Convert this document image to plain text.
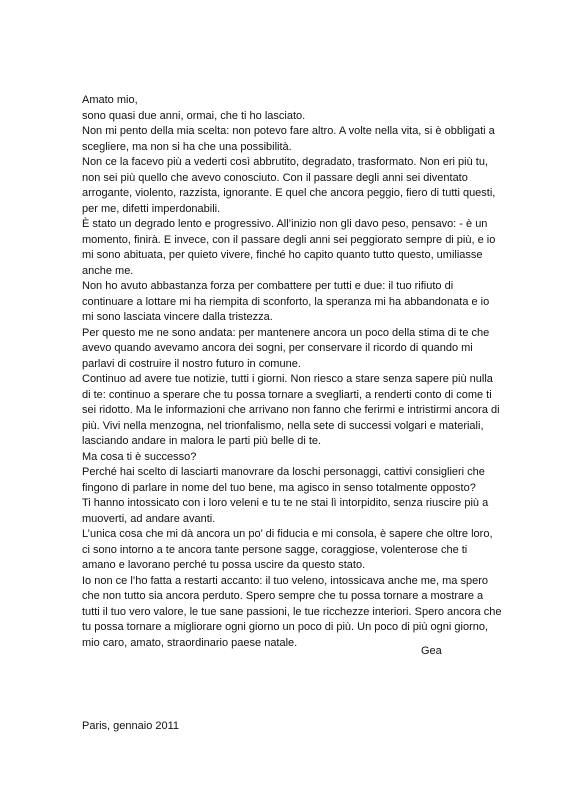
Amato mio,

sono quasi due anni, ormai, che ti ho lasciato.

Non mi pento della mia scelta: non potevo fare altro. A volte nella vita, si è obbligati a scegliere, ma non si ha che una possibilità.

Non ce la facevo più a vederti così abbrutito, degradato, trasformato. Non eri più tu, non sei più quello che avevo conosciuto. Con il passare degli anni sei diventato arrogante, violento, razzista, ignorante. E quel che ancora peggio, fiero di tutti questi, per me, difetti imperdonabili.

È stato un degrado lento e progressivo. All’inizio non gli davo peso, pensavo: - è un momento, finirà. E invece, con il passare degli anni sei peggiorato sempre di più, e io mi sono abituata, per quieto vivere, finché ho capito quanto tutto questo, umiliasse anche me.

Non ho avuto abbastanza forza per combattere per tutti e due: il tuo rifiuto di continuare a lottare mi ha riempita di sconforto, la speranza mi ha abbandonata e io mi sono lasciata vincere dalla tristezza.

Per questo me ne sono andata: per mantenere ancora un poco della stima di te che avevo quando avevamo ancora dei sogni, per conservare il ricordo di quando mi parlavi di costruire il nostro futuro in comune.

Continuo ad avere tue notizie, tutti i giorni. Non riesco a stare senza sapere più nulla di te: continuo a sperare che tu possa tornare a svegliarti, a renderti conto di come ti sei ridotto. Ma le informazioni che arrivano non fanno che ferirmi e intristirmi ancora di più. Vivi nella menzogna, nel trionfalismo, nella sete di successi volgari e materiali, lasciando andare in malora le parti più belle di te.

Ma cosa ti è successo?

Perché hai scelto di lasciarti manovrare da loschi personaggi, cattivi consiglieri che fingono di parlare in nome del tuo bene, ma agisco in senso totalmente opposto?

Ti hanno intossicato con i loro veleni e tu te ne stai lì intorpidito, senza riuscire più a muoverti, ad andare avanti.

L’unica cosa che mi dà ancora un po’ di fiducia e mi consola, è sapere che oltre loro, ci sono intorno a te ancora tante persone sagge, coraggiose, volenterose che ti amano e lavorano perché tu possa uscire da questo stato.

Io non ce l’ho fatta a restarti accanto: il tuo veleno, intossicava anche me, ma spero che non tutto sia ancora perduto. Spero sempre che tu possa tornare a mostrare a tutti il tuo vero valore, le tue sane passioni, le tue ricchezze interiori. Spero ancora che tu possa tornare a migliorare ogni giorno un poco di più. Un poco di più ogni giorno, mio caro, amato, straordinario paese natale.

Gea
Paris, gennaio 2011
